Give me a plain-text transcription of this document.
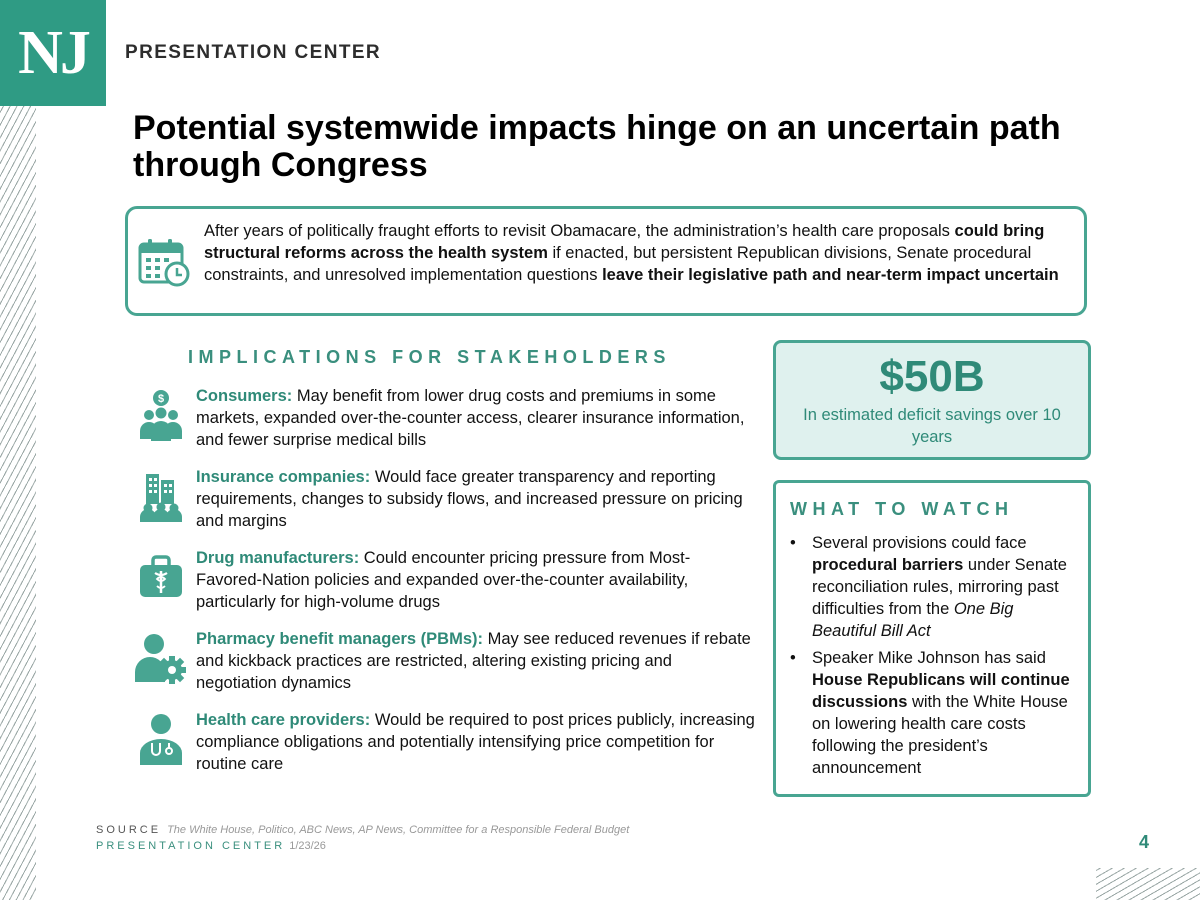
NJ PRESENTATION CENTER
Potential systemwide impacts hinge on an uncertain path through Congress
After years of politically fraught efforts to revisit Obamacare, the administration’s health care proposals could bring structural reforms across the health system if enacted, but persistent Republican divisions, Senate procedural constraints, and unresolved implementation questions leave their legislative path and near-term impact uncertain
IMPLICATIONS FOR STAKEHOLDERS
$ Consumers: May benefit from lower drug costs and premiums in some markets, expanded over-the-counter access, clearer insurance information, and fewer surprise medical bills
Insurance companies: Would face greater transparency and reporting requirements, changes to subsidy flows, and increased pressure on pricing and margins
Drug manufacturers: Could encounter pricing pressure from Most-Favored-Nation policies and expanded over-the-counter availability, particularly for high-volume drugs
Pharmacy benefit managers (PBMs): May see reduced revenues if rebate and kickback practices are restricted, altering existing pricing and negotiation dynamics
Health care providers: Would be required to post prices publicly, increasing compliance obligations and potentially intensifying price competition for routine care
$50B
In estimated deficit savings over 10 years
WHAT TO WATCH
• Several provisions could face procedural barriers under Senate reconciliation rules, mirroring past difficulties from the One Big Beautiful Bill Act
• Speaker Mike Johnson has said House Republicans will continue discussions with the White House on lowering health care costs following the president’s announcement
SOURCE The White House, Politico, ABC News, AP News, Committee for a Responsible Federal Budget
PRESENTATION CENTER 1/23/26	4
